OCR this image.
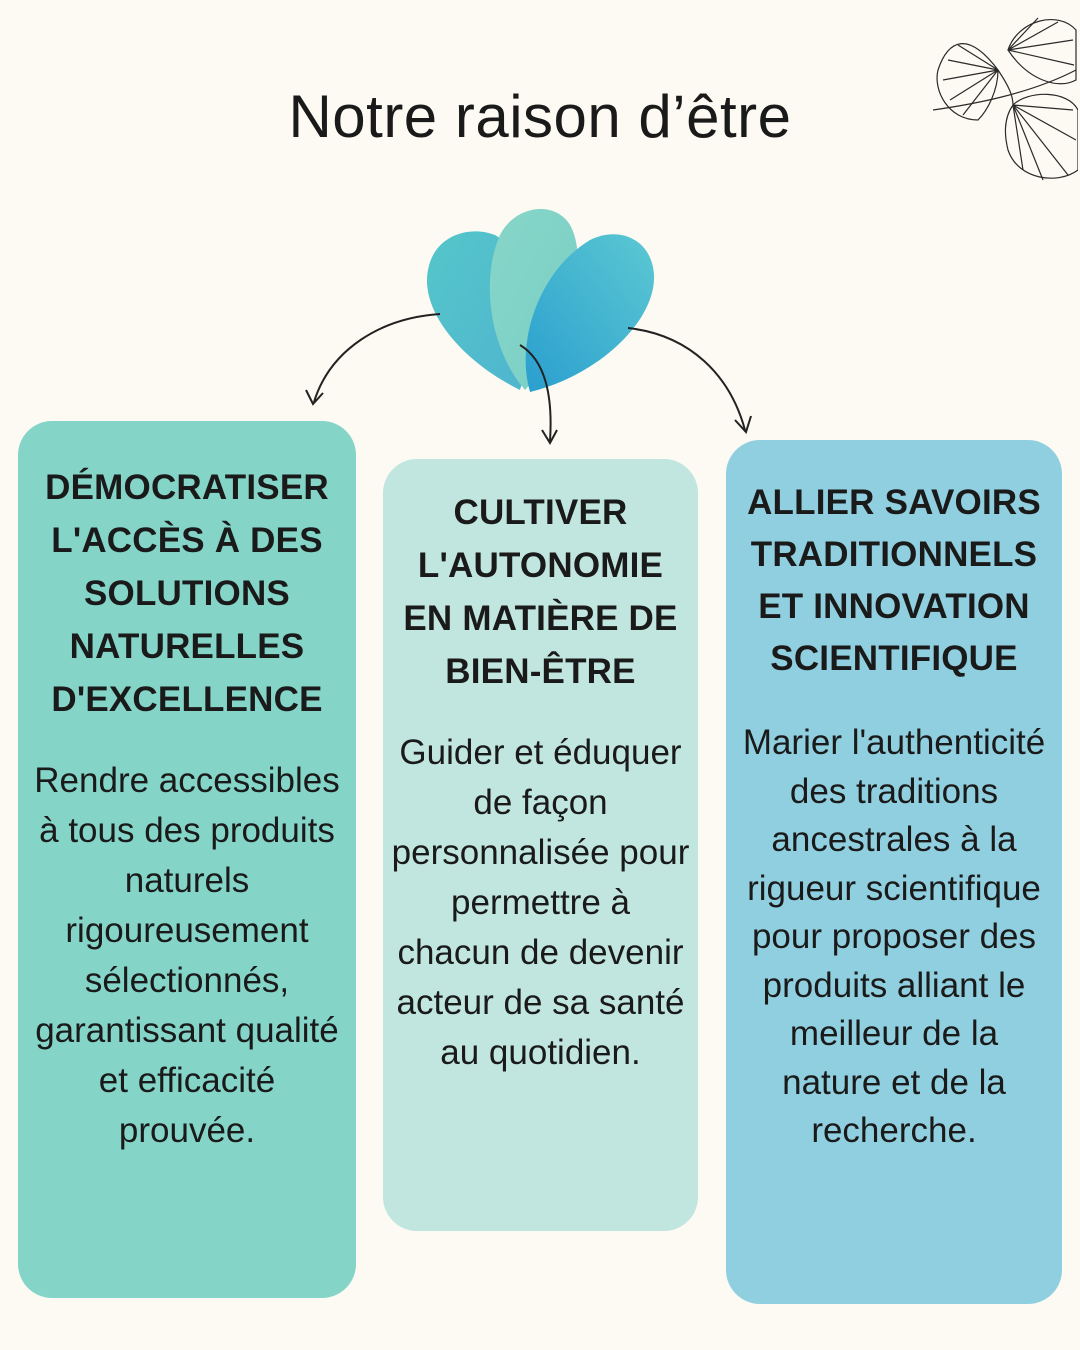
Notre raison d’être
DÉMOCRATISER L'ACCÈS À DES SOLUTIONS NATURELLES D'EXCELLENCE

Rendre accessibles à tous des produits naturels rigoureusement sélectionnés, garantissant qualité et efficacité prouvée.

CULTIVER L'AUTONOMIE EN MATIÈRE DE BIEN-ÊTRE

Guider et éduquer de façon personnalisée pour permettre à chacun de devenir acteur de sa santé au quotidien.

ALLIER SAVOIRS TRADITIONNELS ET INNOVATION SCIENTIFIQUE

Marier l'authenticité des traditions ancestrales à la rigueur scientifique pour proposer des produits alliant le meilleur de la nature et de la recherche.
